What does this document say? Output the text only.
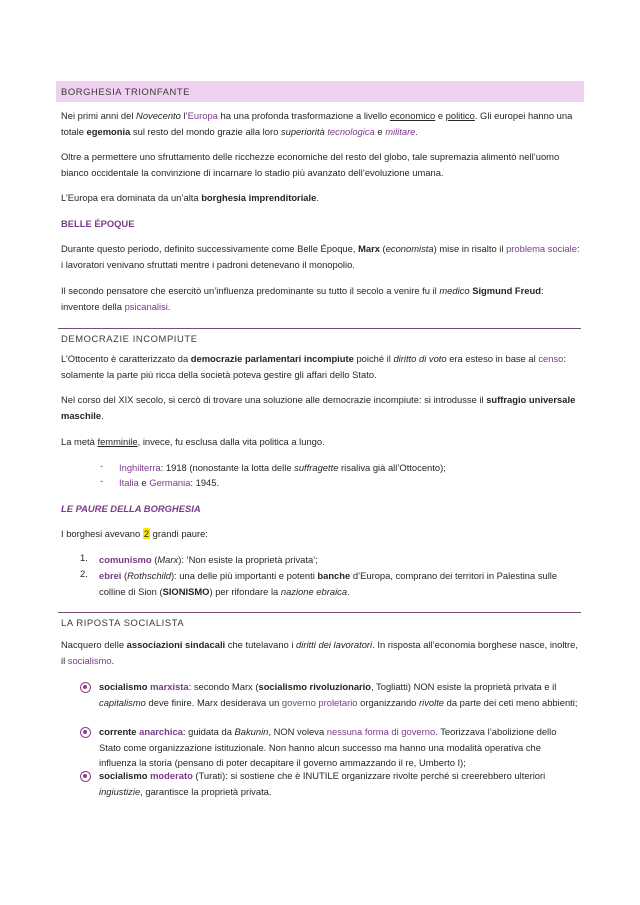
BORGHESIA TRIONFANTE

Nei primi anni del Novecento l’Europa ha una profonda trasformazione a livello economico e politico. Gli europei hanno una totale egemonia sul resto del mondo grazie alla loro superiorità tecnologica e militare.

Oltre a permettere uno sfruttamento delle ricchezze economiche del resto del globo, tale supremazia alimentò nell’uomo bianco occidentale la convinzione di incarnare lo stadio più avanzato dell’evoluzione umana.

L’Europa era dominata da un’alta borghesia imprenditoriale.

BELLE ÉPOQUE

Durante questo periodo, definito successivamente come Belle Époque, Marx (economista) mise in risalto il problema sociale: i lavoratori venivano sfruttati mentre i padroni detenevano il monopolio.

Il secondo pensatore che esercitò un’influenza predominante su tutto il secolo a venire fu il medico Sigmund Freud: inventore della psicanalisi.

DEMOCRAZIE INCOMPIUTE

L’Ottocento è caratterizzato da democrazie parlamentari incompiute poiché il diritto di voto era esteso in base al censo: solamente la parte più ricca della società poteva gestire gli affari dello Stato.

Nel corso del XIX secolo, si cercò di trovare una soluzione alle democrazie incompiute: si introdusse il suffragio universale maschile.

La metà femminile, invece, fu esclusa dalla vita politica a lungo.

- Inghilterra: 1918 (nonostante la lotta delle suffragette risaliva già all’Ottocento);

- Italia e Germania: 1945.

LE PAURE DELLA BORGHESIA

I borghesi avevano 2 grandi paure:

1. comunismo (Marx): ‘Non esiste la proprietà privata’;

2. ebrei (Rothschild): una delle più importanti e potenti banche d’Europa, comprano dei territori in Palestina sulle colline di Sion (SIONISMO) per rifondare la nazione ebraica.

LA RIPOSTA SOCIALISTA

Nacquero delle associazioni sindacali che tutelavano i diritti dei lavoratori. In risposta all’economia borghese nasce, inoltre, il socialismo.

socialismo marxista: secondo Marx (socialismo rivoluzionario, Togliatti) NON esiste la proprietà privata e il capitalismo deve finire. Marx desiderava un governo proletario organizzando rivolte da parte dei ceti meno abbienti;

corrente anarchica: guidata da Bakunin, NON voleva nessuna forma di governo. Teorizzava l’abolizione dello Stato come organizzazione istituzionale. Non hanno alcun successo ma hanno una modalità operativa che influenza la storia (pensano di poter decapitare il governo ammazzando il re, Umberto I);

socialismo moderato (Turati): si sostiene che è INUTILE organizzare rivolte perché si creerebbero ulteriori ingiustizie, garantisce la proprietà privata.
